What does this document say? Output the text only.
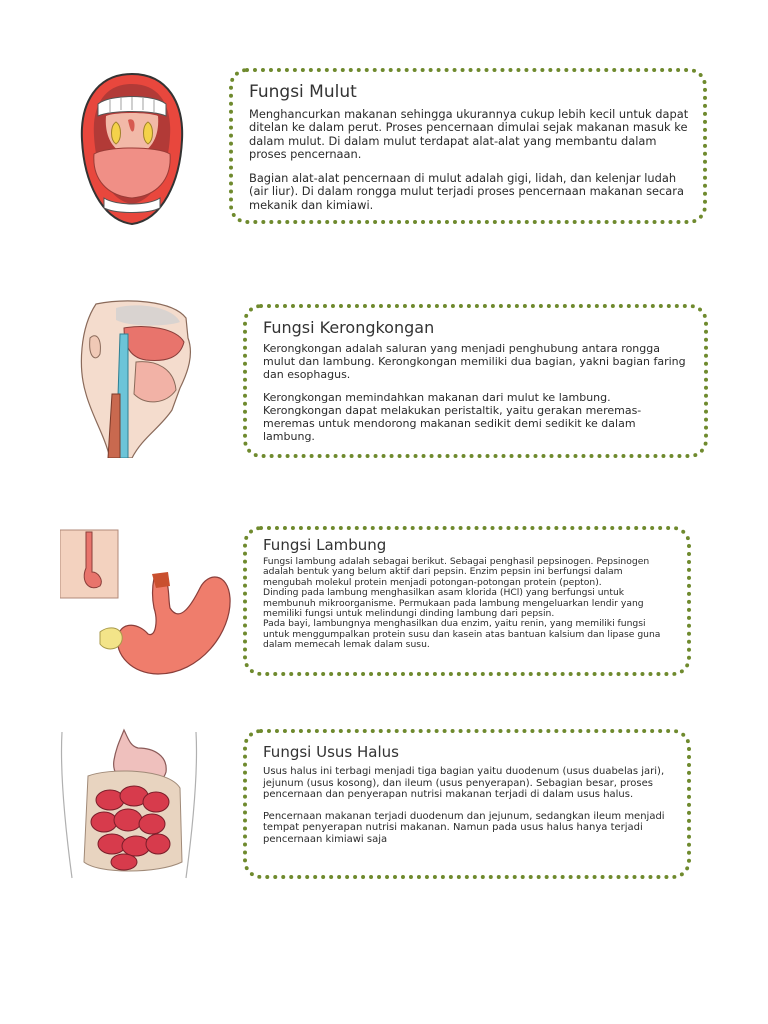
Fungsi Mulut

Menghancurkan makanan sehingga ukurannya cukup lebih kecil untuk dapat ditelan ke dalam perut. Proses pencernaan dimulai sejak makanan masuk ke dalam mulut. Di dalam mulut terdapat alat-alat yang membantu dalam proses pencernaan.

Bagian alat-alat pencernaan di mulut adalah gigi, lidah, dan kelenjar ludah (air liur). Di dalam rongga mulut terjadi proses pencernaan makanan secara mekanik dan kimiawi.

Fungsi Kerongkongan

Kerongkongan adalah saluran yang menjadi penghubung antara rongga mulut dan lambung. Kerongkongan memiliki dua bagian, yakni bagian faring dan esophagus.

Kerongkongan memindahkan makanan dari mulut ke lambung. Kerongkongan dapat melakukan peristaltik, yaitu gerakan meremas-meremas untuk mendorong makanan sedikit demi sedikit ke dalam lambung.

Fungsi Lambung

Fungsi lambung adalah sebagai berikut. Sebagai penghasil pepsinogen. Pepsinogen adalah bentuk yang belum aktif dari pepsin. Enzim pepsin ini berfungsi dalam mengubah molekul protein menjadi potongan-potongan protein (pepton).

Dinding pada lambung menghasilkan asam klorida (HCl) yang berfungsi untuk membunuh mikroorganisme. Permukaan pada lambung mengeluarkan lendir yang memiliki fungsi untuk melindungi dinding lambung dari pepsin.

Pada bayi, lambungnya menghasilkan dua enzim, yaitu renin, yang memiliki fungsi untuk menggumpalkan protein susu dan kasein atas bantuan kalsium dan lipase guna dalam memecah lemak dalam susu.

Fungsi Usus Halus

Usus halus ini terbagi menjadi tiga bagian yaitu duodenum (usus duabelas jari), jejunum (usus kosong), dan ileum (usus penyerapan). Sebagian besar, proses pencernaan dan penyerapan nutrisi makanan terjadi di dalam usus halus.

Pencernaan makanan terjadi duodenum dan jejunum, sedangkan ileum menjadi tempat penyerapan nutrisi makanan. Namun pada usus halus hanya terjadi pencernaan kimiawi saja
